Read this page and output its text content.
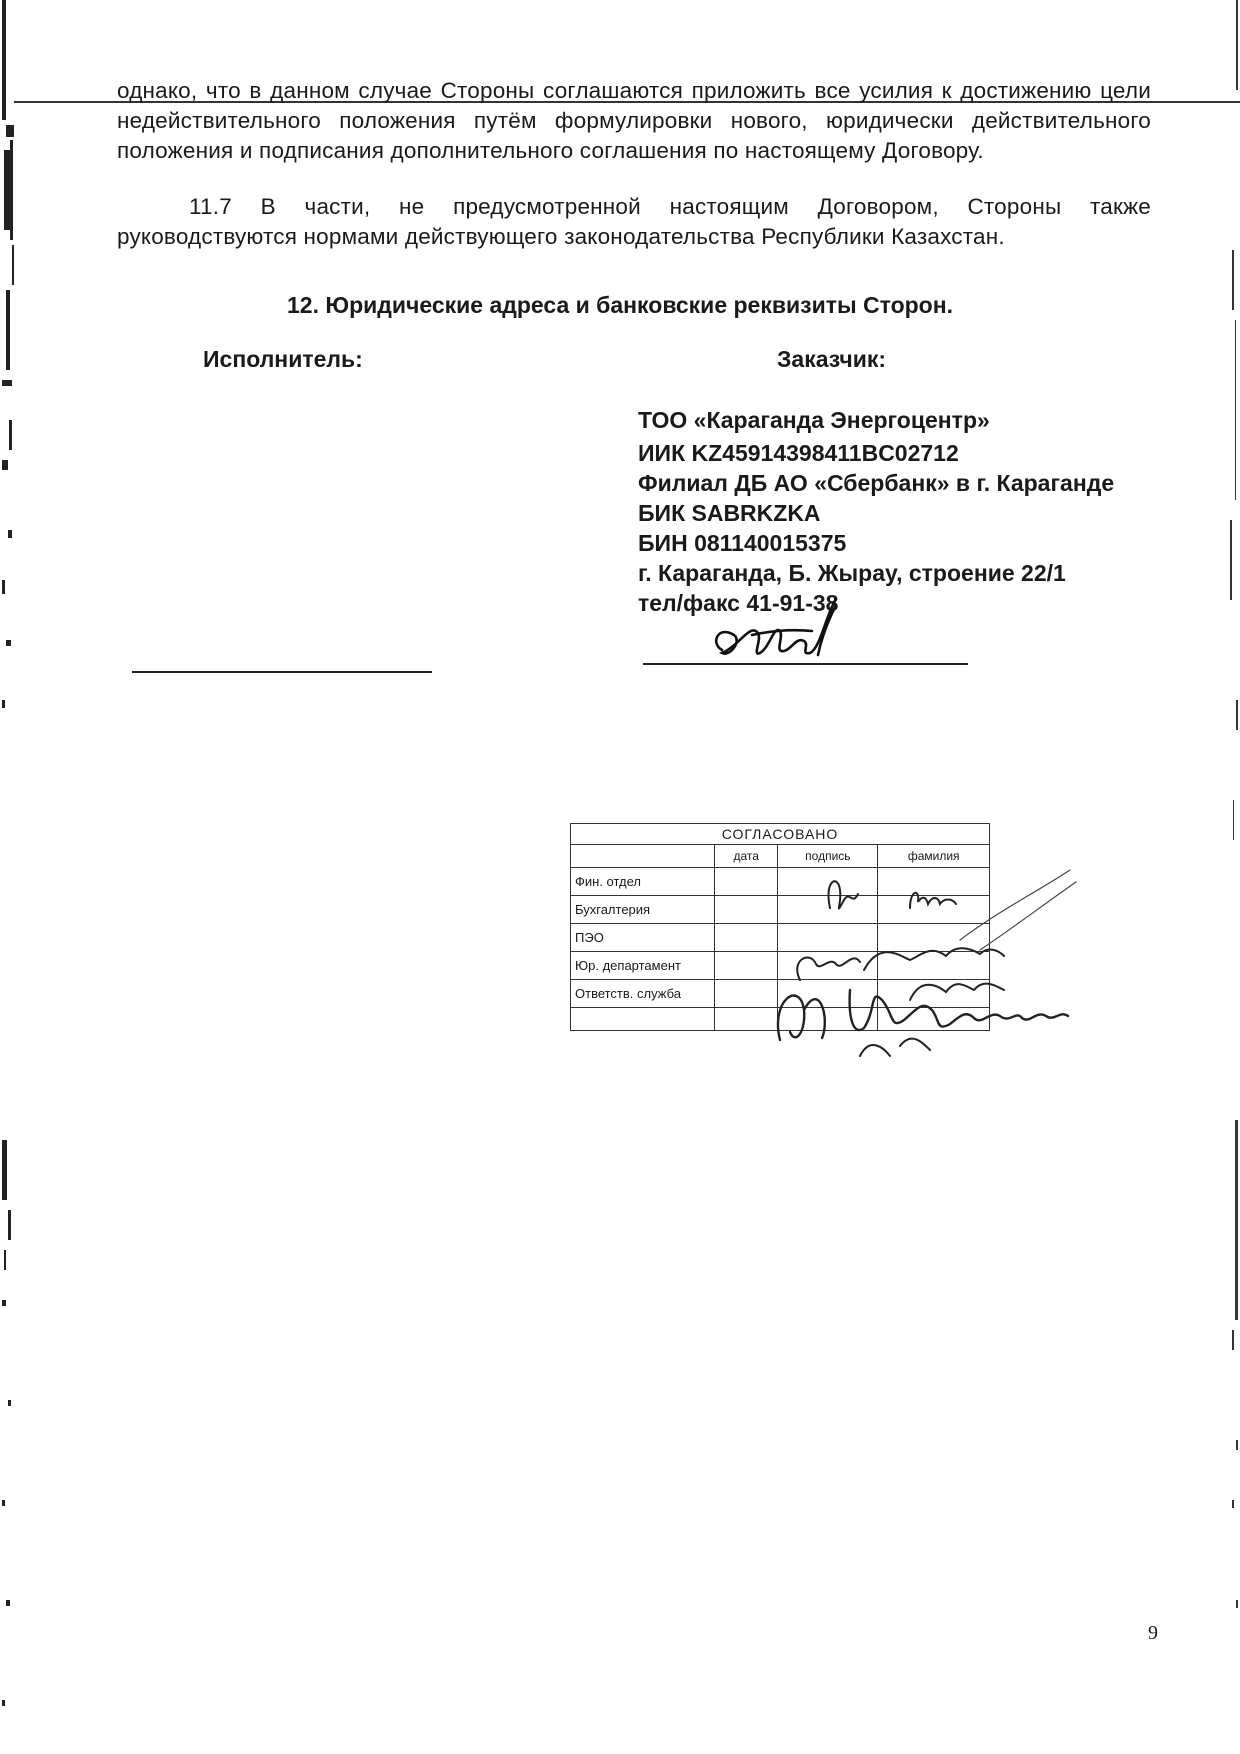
однако, что в данном случае Стороны соглашаются приложить все усилия к достижению цели недействительного положения путём формулировки нового, юридически действительного положения и подписания дополнительного соглашения по настоящему Договору.

11.7 В части, не предусмотренной настоящим Договором, Стороны также руководствуются нормами действующего законодательства Республики Казахстан.

12. Юридические адреса и банковские реквизиты Сторон.

Исполнитель:	Заказчик:

ТОО «Караганда Энергоцентр»
ИИК KZ45914398411BC02712
Филиал ДБ АО «Сбербанк» в г. Караганде
БИК SABRKZKA
БИН 081140015375
г. Караганда, Б. Жырау, строение 22/1
тел/факс 41-91-38
СОГЛАСОВАНО			
	дата	подпись	фамилия
Фин. отдел			
Бухгалтерия			
ПЭО			
Юр. департамент			
Ответств. служба			

9
